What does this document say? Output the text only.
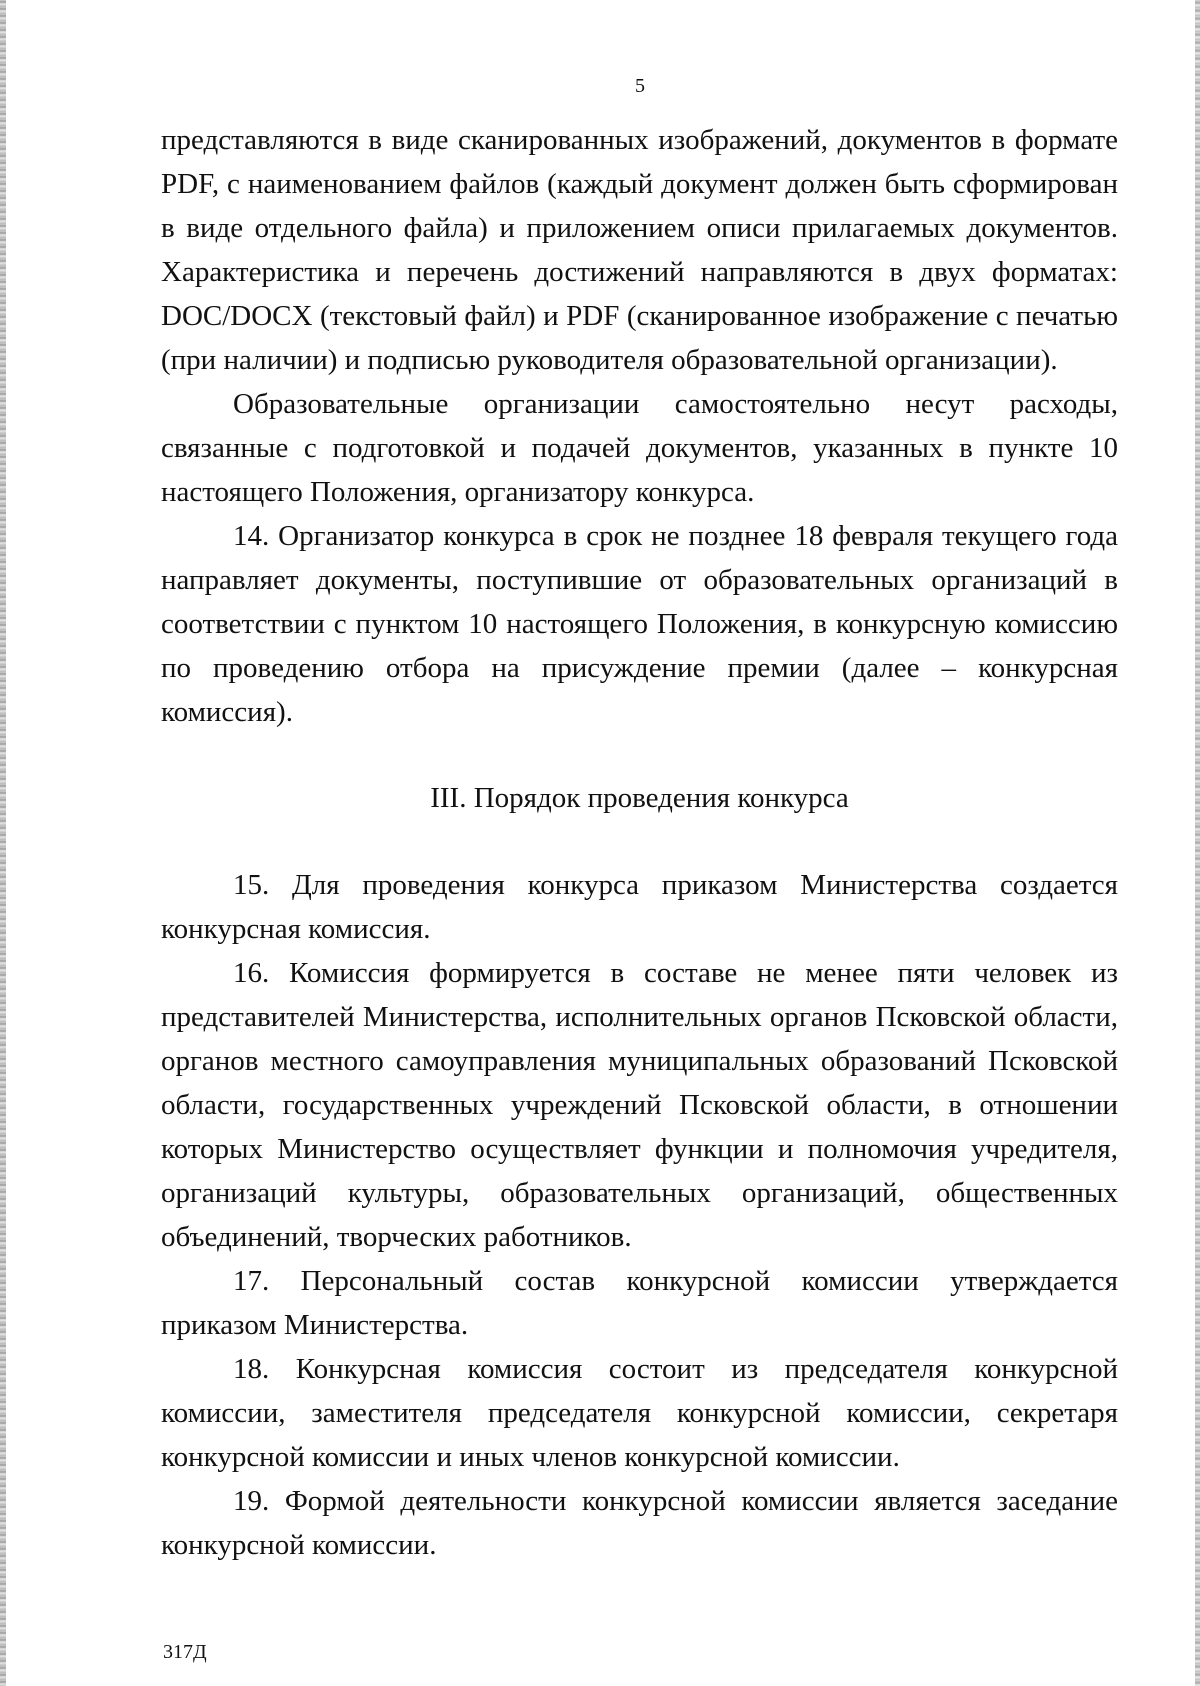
5

представляются в виде сканированных изображений, документов в формате PDF, с наименованием файлов (каждый документ должен быть сформирован в виде отдельного файла) и приложением описи прилагаемых документов. Характеристика и перечень достижений направляются в двух форматах: DOC/DOCX (текстовый файл) и PDF (сканированное изображение с печатью (при наличии) и подписью руководителя образовательной организации).

Образовательные организации самостоятельно несут расходы, связанные с подготовкой и подачей документов, указанных в пункте 10 настоящего Положения, организатору конкурса.

14. Организатор конкурса в срок не позднее 18 февраля текущего года направляет документы, поступившие от образовательных организаций в соответствии с пунктом 10 настоящего Положения, в конкурсную комиссию по проведению отбора на присуждение премии (далее – конкурсная комиссия).

III. Порядок проведения конкурса

15. Для проведения конкурса приказом Министерства создается конкурсная комиссия.

16. Комиссия формируется в составе не менее пяти человек из представителей Министерства, исполнительных органов Псковской области, органов местного самоуправления муниципальных образований Псковской области, государственных учреждений Псковской области, в отношении которых Министерство осуществляет функции и полномочия учредителя, организаций культуры, образовательных организаций, общественных объединений, творческих работников.

17. Персональный состав конкурсной комиссии утверждается приказом Министерства.

18. Конкурсная комиссия состоит из председателя конкурсной комиссии, заместителя председателя конкурсной комиссии, секретаря конкурсной комиссии и иных членов конкурсной комиссии.

19. Формой деятельности конкурсной комиссии является заседание конкурсной комиссии.

317Д
